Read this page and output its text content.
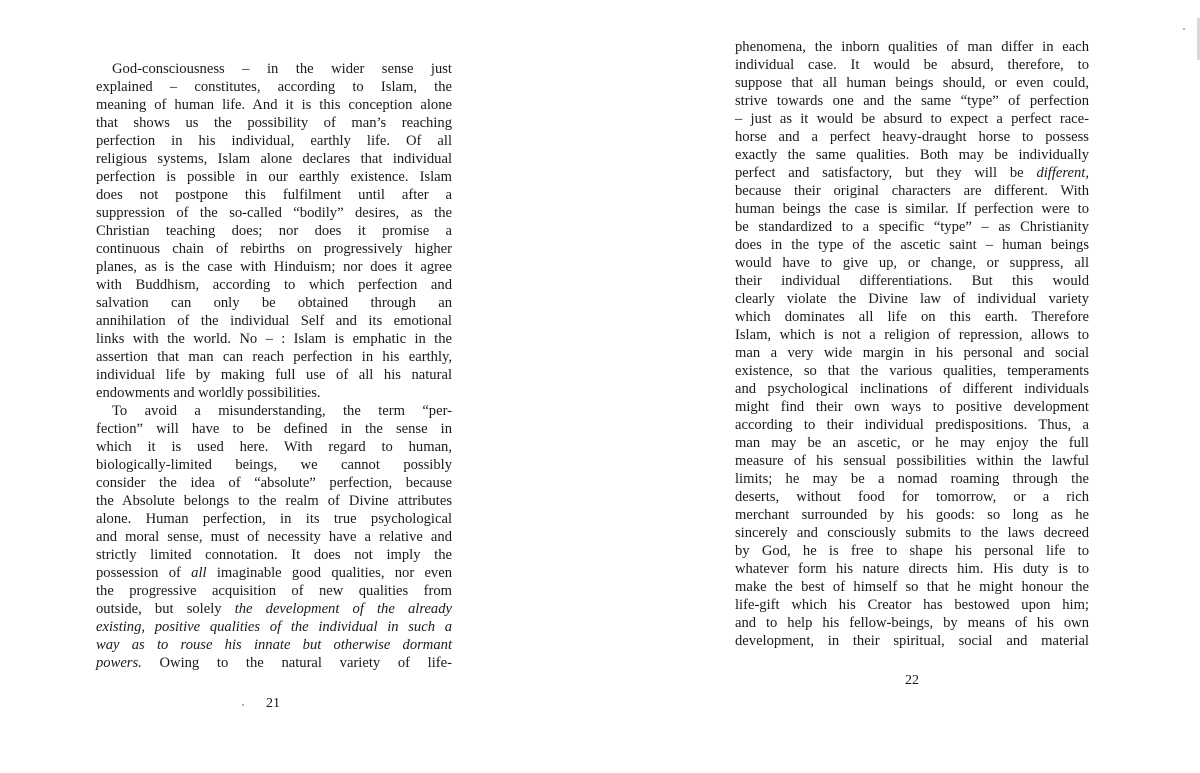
God-consciousness – in the wider sense just
explained – constitutes, according to Islam, the
meaning of human life. And it is this conception alone
that shows us the possibility of man’s reaching
perfection in his individual, earthly life. Of all
religious systems, Islam alone declares that individual
perfection is possible in our earthly existence. Islam
does not postpone this fulfilment until after a
suppression of the so-called “bodily” desires, as the
Christian teaching does; nor does it promise a
continuous chain of rebirths on progressively higher
planes, as is the case with Hinduism; nor does it agree
with Buddhism, according to which perfection and
salvation can only be obtained through an
annihilation of the individual Self and its emotional
links with the world. No – : Islam is emphatic in the
assertion that man can reach perfection in his earthly,
individual life by making full use of all his natural
endowments and worldly possibilities.
To avoid a misunderstanding, the term “per-
fection” will have to be defined in the sense in
which it is used here. With regard to human,
biologically-limited beings, we cannot possibly
consider the idea of “absolute” perfection, because
the Absolute belongs to the realm of Divine attributes
alone. Human perfection, in its true psychological
and moral sense, must of necessity have a relative and
strictly limited connotation. It does not imply the
possession of all imaginable good qualities, nor even
the progressive acquisition of new qualities from
outside, but solely the development of the already
existing, positive qualities of the individual in such a
way as to rouse his innate but otherwise dormant
powers. Owing to the natural variety of life-
21
phenomena, the inborn qualities of man differ in each
individual case. It would be absurd, therefore, to
suppose that all human beings should, or even could,
strive towards one and the same “type” of perfection
– just as it would be absurd to expect a perfect race-
horse and a perfect heavy-draught horse to possess
exactly the same qualities. Both may be individually
perfect and satisfactory, but they will be different,
because their original characters are different. With
human beings the case is similar. If perfection were to
be standardized to a specific “type” – as Christianity
does in the type of the ascetic saint – human beings
would have to give up, or change, or suppress, all
their individual differentiations. But this would
clearly violate the Divine law of individual variety
which dominates all life on this earth. Therefore
Islam, which is not a religion of repression, allows to
man a very wide margin in his personal and social
existence, so that the various qualities, temperaments
and psychological inclinations of different individuals
might find their own ways to positive development
according to their individual predispositions. Thus, a
man may be an ascetic, or he may enjoy the full
measure of his sensual possibilities within the lawful
limits; he may be a nomad roaming through the
deserts, without food for tomorrow, or a rich
merchant surrounded by his goods: so long as he
sincerely and consciously submits to the laws decreed
by God, he is free to shape his personal life to
whatever form his nature directs him. His duty is to
make the best of himself so that he might honour the
life-gift which his Creator has bestowed upon him;
and to help his fellow-beings, by means of his own
development, in their spiritual, social and material
22
